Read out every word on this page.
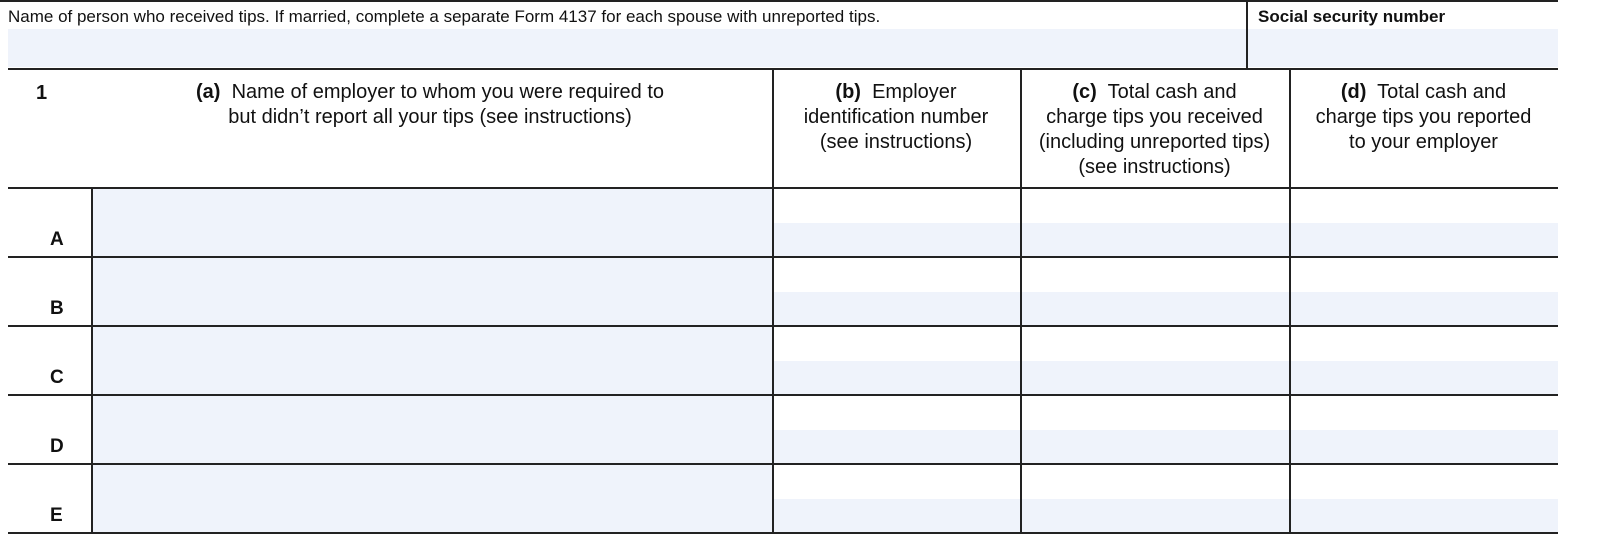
Name of person who received tips. If married, complete a separate Form 4137 for each spouse with unreported tips.	Social security number
1	(a) Name of employer to whom you were required to
but didn’t report all your tips (see instructions)
(b) Employer
identification number
(see instructions)
(c) Total cash and
charge tips you received
(including unreported tips)
(see instructions)
(d) Total cash and
charge tips you reported
to your employer
A
B
C
D
E
